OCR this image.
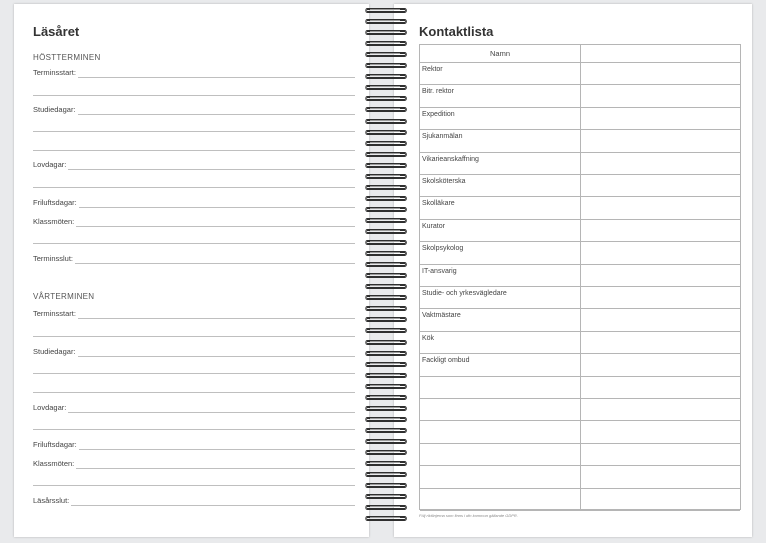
Läsåret
HÖSTTERMINEN
Terminsstart:
Studiedagar:
Lovdagar:
Friluftsdagar:
Klassmöten:
Terminsslut:
VÅRTERMINEN
Terminsstart:
Studiedagar:
Lovdagar:
Friluftsdagar:
Klassmöten:
Läsårsslut:
Kontaktlista
Namn
Rektor
Bitr. rektor
Expedition
Sjukanmälan
Vikarieanskaffning
Skolsköterska
Skolläkare
Kurator
Skolpsykolog
IT-ansvarig
Studie- och yrkesvägledare
Vaktmästare
Kök
Fackligt ombud
Följ riktlinjerna som finns i din kommun gällande GDPR.
